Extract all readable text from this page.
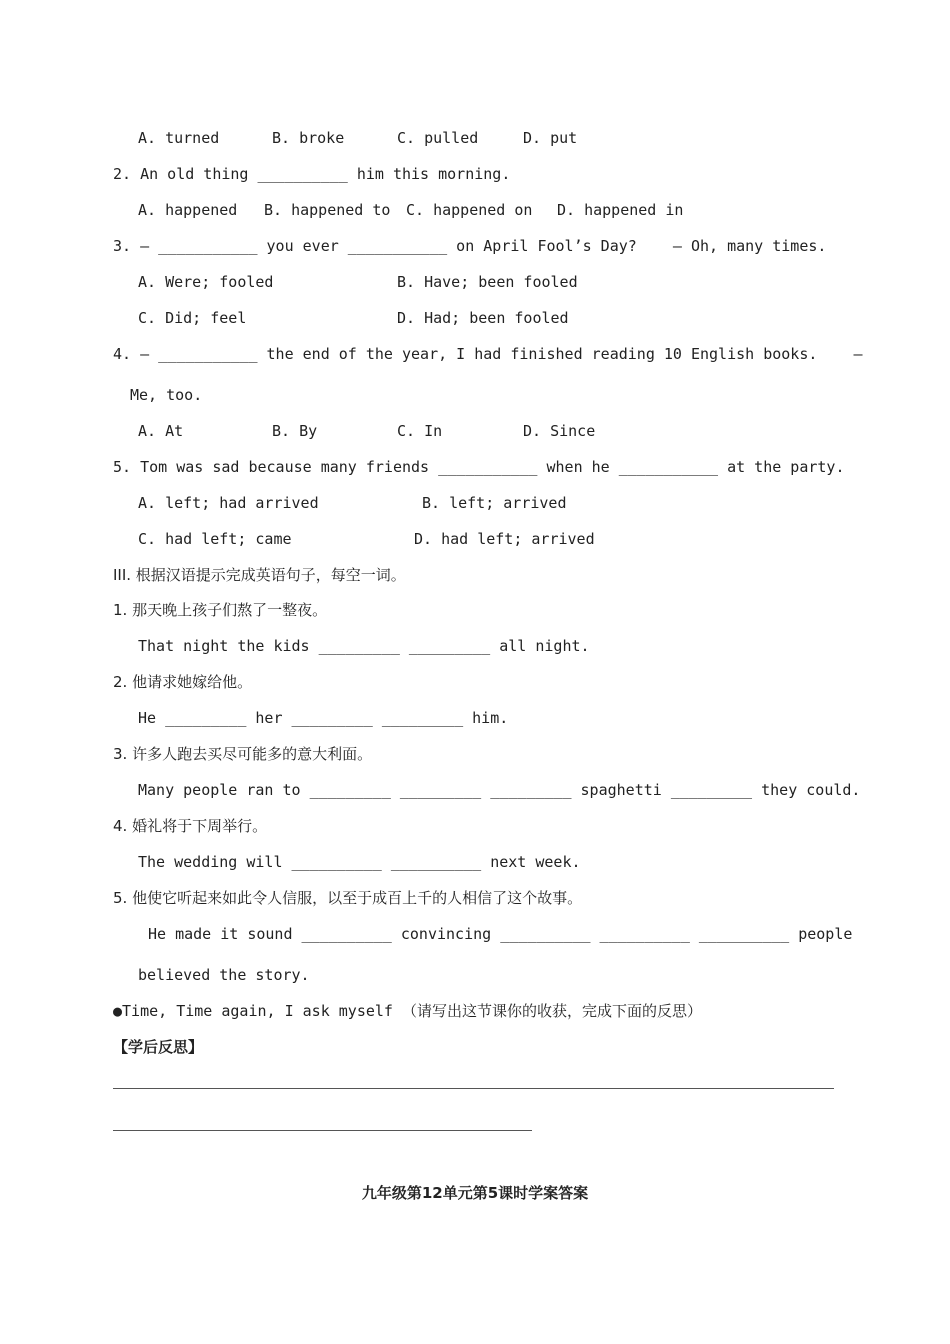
A. turned	B. broke	C. pulled	D. put
2. An old thing __________ him this morning.
A. happened B. happened to C. happened on D. happened in
3. — ___________ you ever ___________ on April Fool’s Day?    — Oh, many times.
A. Were; fooled	B. Have; been fooled
C. Did; feel	D. Had; been fooled
4. — ___________ the end of the year, I had finished reading 10 English books.    —
Me, too.
A. At	B. By	C. In	D. Since
5. Tom was sad because many friends ___________ when he ___________ at the party.
A. left; had arrived	B. left; arrived
C. had left; came	D. had left; arrived
III. 根据汉语提示完成英语句子，每空一词。
1. 那天晚上孩子们熬了一整夜。
That night the kids _________ _________ all night.
2. 他请求她嫁给他。
He _________ her _________ _________ him.
3. 许多人跑去买尽可能多的意大利面。
Many people ran to _________ _________ _________ spaghetti _________ they could.
4. 婚礼将于下周举行。
The wedding will __________ __________ next week.
5. 他使它听起来如此令人信服，以至于成百上千的人相信了这个故事。
He made it sound __________ convincing __________ __________ __________ people
believed the story.
●Time, Time again, I ask myself （请写出这节课你的收获，完成下面的反思）
【学后反思】
九年级第12单元第5课时学案答案
